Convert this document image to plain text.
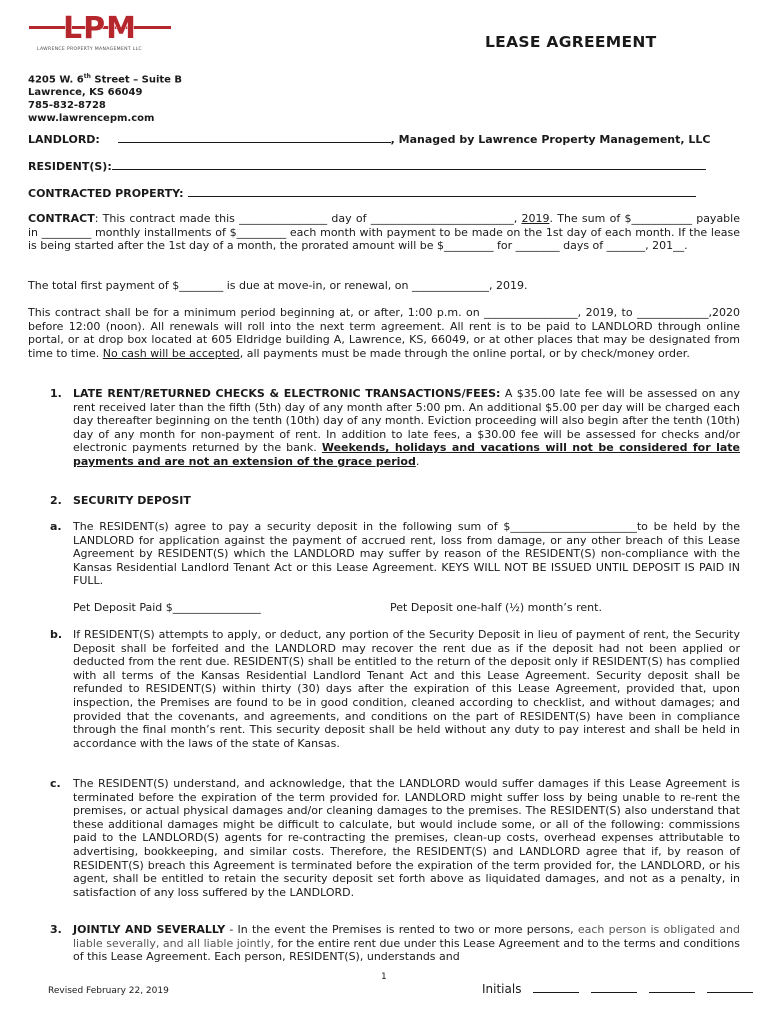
LPM
LAWRENCE PROPERTY MANAGEMENT LLC	LEASE AGREEMENT
4205 W. 6th Street – Suite B
Lawrence, KS 66049
785-832-8728
www.lawrencepm.com
LANDLORD:	, Managed by Lawrence Property Management, LLC
RESIDENT(S):
CONTRACTED PROPERTY:
CONTRACT: This contract made this ________________ day of __________________________, 2019. The sum of $___________ payable in _________ monthly installments of $_________ each month with payment to be made on the 1st day of each month. If the lease is being started after the 1st day of a month, the prorated amount will be $_________ for ________ days of _______, 201__.
The total first payment of $________ is due at move-in, or renewal, on ______________, 2019.
This contract shall be for a minimum period beginning at, or after, 1:00 p.m. on _________________, 2019, to _____________,2020 before 12:00 (noon). All renewals will roll into the next term agreement. All rent is to be paid to LANDLORD through online portal, or at drop box located at 605 Eldridge building A, Lawrence, KS, 66049, or at other places that may be designated from time to time. No cash will be accepted, all payments must be made through the online portal, or by check/money order.
1. LATE RENT/RETURNED CHECKS & ELECTRONIC TRANSACTIONS/FEES: A $35.00 late fee will be assessed on any rent received later than the fifth (5th) day of any month after 5:00 pm. An additional $5.00 per day will be charged each day thereafter beginning on the tenth (10th) day of any month. Eviction proceeding will also begin after the tenth (10th) day of any month for non-payment of rent. In addition to late fees, a $30.00 fee will be assessed for checks and/or electronic payments returned by the bank. Weekends, holidays and vacations will not be considered for late payments and are not an extension of the grace period.
2. SECURITY DEPOSIT
a. The RESIDENT(s) agree to pay a security deposit in the following sum of $_______________________to be held by the LANDLORD for application against the payment of accrued rent, loss from damage, or any other breach of this Lease Agreement by RESIDENT(S) which the LANDLORD may suffer by reason of the RESIDENT(S) non-compliance with the Kansas Residential Landlord Tenant Act or this Lease Agreement. KEYS WILL NOT BE ISSUED UNTIL DEPOSIT IS PAID IN FULL.
Pet Deposit Paid $________________	Pet Deposit one-half (½) month’s rent.
b. If RESIDENT(S) attempts to apply, or deduct, any portion of the Security Deposit in lieu of payment of rent, the Security Deposit shall be forfeited and the LANDLORD may recover the rent due as if the deposit had not been applied or deducted from the rent due. RESIDENT(S) shall be entitled to the return of the deposit only if RESIDENT(S) has complied with all terms of the Kansas Residential Landlord Tenant Act and this Lease Agreement. Security deposit shall be refunded to RESIDENT(S) within thirty (30) days after the expiration of this Lease Agreement, provided that, upon inspection, the Premises are found to be in good condition, cleaned according to checklist, and without damages; and provided that the covenants, and agreements, and conditions on the part of RESIDENT(S) have been in compliance through the final month’s rent. This security deposit shall be held without any duty to pay interest and shall be held in accordance with the laws of the state of Kansas.
c. The RESIDENT(S) understand, and acknowledge, that the LANDLORD would suffer damages if this Lease Agreement is terminated before the expiration of the term provided for. LANDLORD might suffer loss by being unable to re-rent the premises, or actual physical damages and/or cleaning damages to the premises. The RESIDENT(S) also understand that these additional damages might be difficult to calculate, but would include some, or all of the following: commissions paid to the LANDLORD(S) agents for re-contracting the premises, clean-up costs, overhead expenses attributable to advertising, bookkeeping, and similar costs. Therefore, the RESIDENT(S) and LANDLORD agree that if, by reason of RESIDENT(S) breach this Agreement is terminated before the expiration of the term provided for, the LANDLORD, or his agent, shall be entitled to retain the security deposit set forth above as liquidated damages, and not as a penalty, in satisfaction of any loss suffered by the LANDLORD.
3. JOINTLY AND SEVERALLY - In the event the Premises is rented to two or more persons, each person is obligated and liable severally, and all liable jointly, for the entire rent due under this Lease Agreement and to the terms and conditions of this Lease Agreement. Each person, RESIDENT(S), understands and
1
Revised February 22, 2019	Initials
